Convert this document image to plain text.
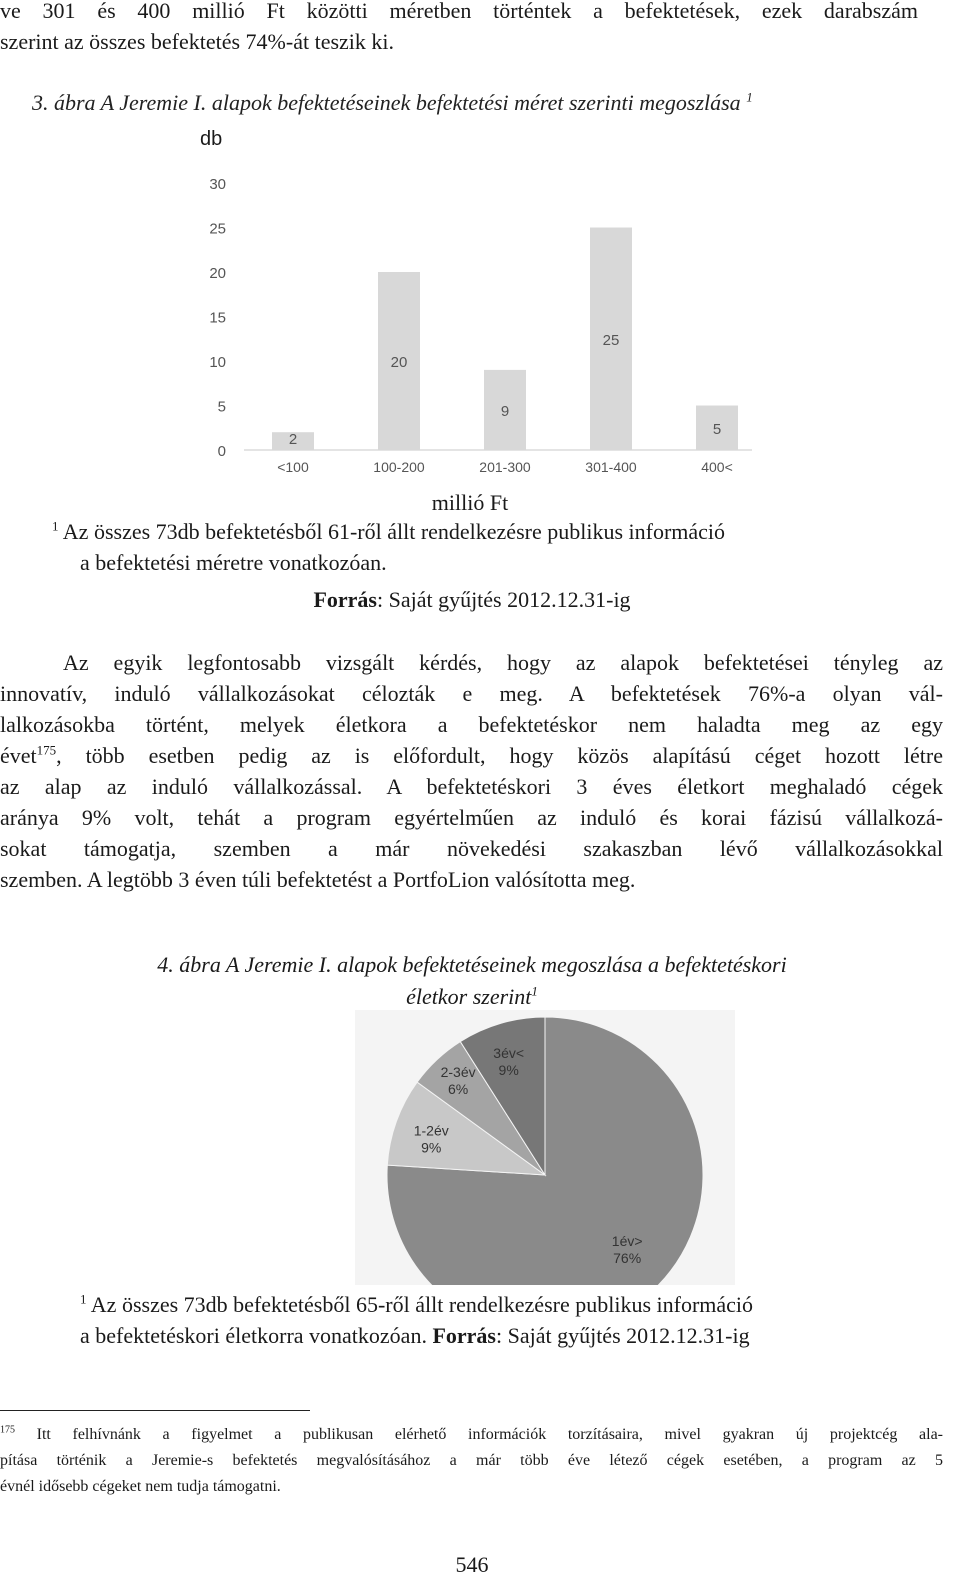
ve 301 és 400 millió Ft közötti méretben történtek a befektetések, ezek darabszám
szerint az összes befektetés 74%-át teszik ki.
3. ábra A Jeremie I. alapok befektetéseinek befektetési méret szerinti megoszlása $^1$
db
0
5
10
15
20
25
30
2
20
9
25
5
<100	100-200	201-300	301-400	400<
millió Ft
$^1$ Az összes 73db befektetésből 61-ről állt rendelkezésre publikus információ
a befektetési méretre vonatkozóan.
Forrás: Saját gyűjtés 2012.12.31-ig
Az egyik legfontosabb vizsgált kérdés, hogy az alapok befektetései tényleg az
innovatív, induló vállalkozásokat célozták e meg. A befektetések 76%-a olyan vál-
lalkozásokba történt, melyek életkora a befektetéskor nem haladta meg az egy
évet$^{175}$, több esetben pedig az is előfordult, hogy közös alapítású céget hozott létre
az alap az induló vállalkozással. A befektetéskori 3 éves életkort meghaladó cégek
aránya 9% volt, tehát a program egyértelműen az induló és korai fázisú vállalkozá-
sokat támogatja, szemben a már növekedési szakaszban lévő vállalkozásokkal
szemben. A legtöbb 3 éven túli befektetést a PortfoLion valósította meg.
4. ábra A Jeremie I. alapok befektetéseinek megoszlása a befektetéskori
életkor szerint$^1$
1év>
76%
1-2év
9%
2-3év
6%
3év<
9%
$^1$ Az összes 73db befektetésből 65-ről állt rendelkezésre publikus információ
a befektetéskori életkorra vonatkozóan. Forrás: Saját gyűjtés 2012.12.31-ig
$^{175}$ Itt felhívnánk a figyelmet a publikusan elérhető információk torzításaira, mivel gyakran új projektcég ala-
pítása történik a Jeremie-s befektetés megvalósításához a már több éve létező cégek esetében, a program az 5
évnél idősebb cégeket nem tudja támogatni.
546
